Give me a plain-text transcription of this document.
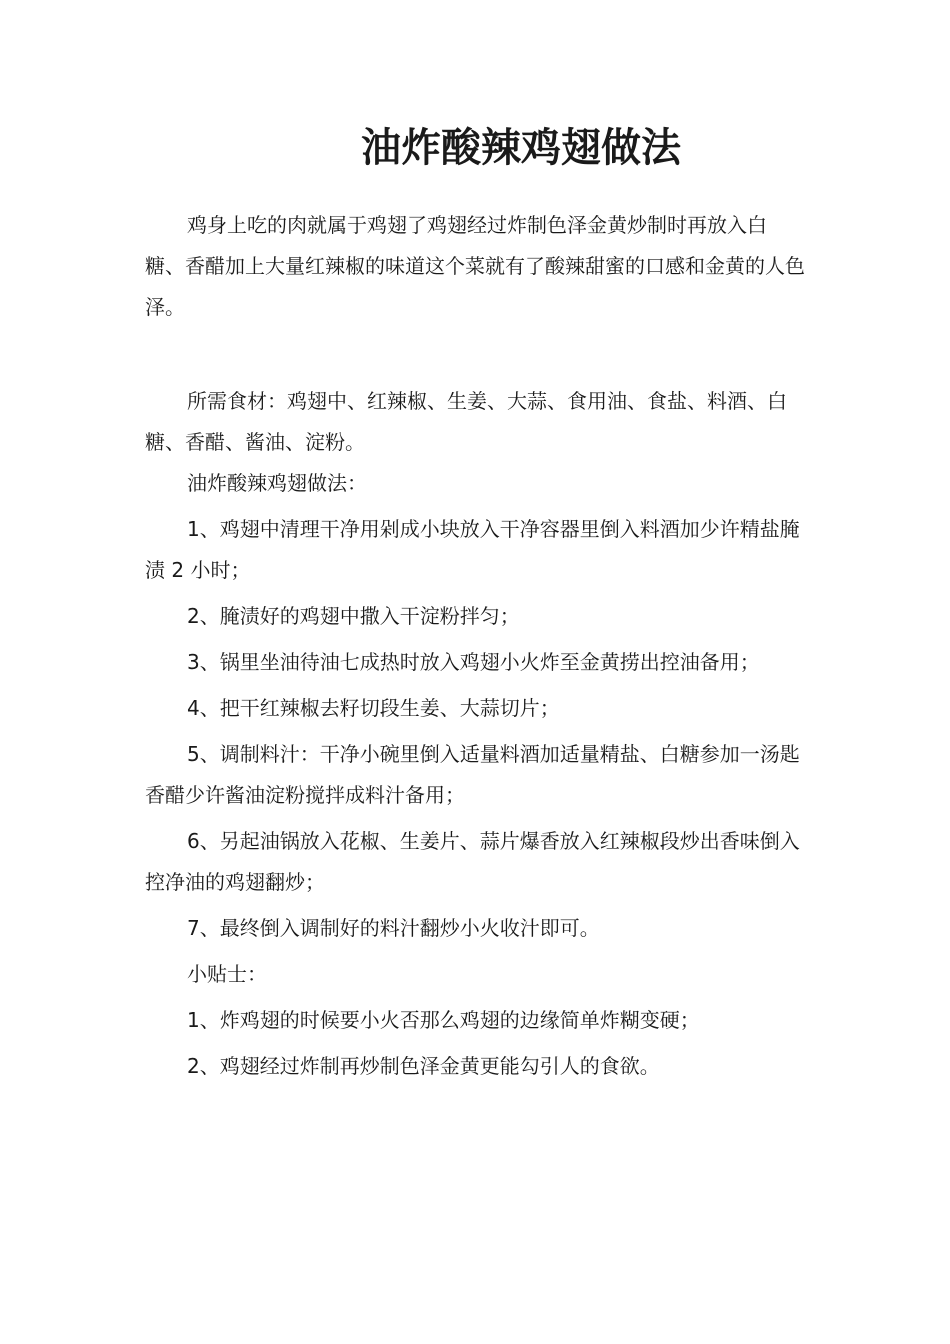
油炸酸辣鸡翅做法

鸡身上吃的肉就属于鸡翅了鸡翅经过炸制色泽金黄炒制时再放入白糖、香醋加上大量红辣椒的味道这个菜就有了酸辣甜蜜的口感和金黄的人色泽。

所需食材：鸡翅中、红辣椒、生姜、大蒜、食用油、食盐、料酒、白糖、香醋、酱油、淀粉。

油炸酸辣鸡翅做法：

1、鸡翅中清理干净用剁成小块放入干净容器里倒入料酒加少许精盐腌渍 2 小时；

2、腌渍好的鸡翅中撒入干淀粉拌匀；

3、锅里坐油待油七成热时放入鸡翅小火炸至金黄捞出控油备用；

4、把干红辣椒去籽切段生姜、大蒜切片；

5、调制料汁：干净小碗里倒入适量料酒加适量精盐、白糖参加一汤匙香醋少许酱油淀粉搅拌成料汁备用；

6、另起油锅放入花椒、生姜片、蒜片爆香放入红辣椒段炒出香味倒入控净油的鸡翅翻炒；

7、最终倒入调制好的料汁翻炒小火收汁即可。

小贴士：

1、炸鸡翅的时候要小火否那么鸡翅的边缘简单炸糊变硬；

2、鸡翅经过炸制再炒制色泽金黄更能勾引人的食欲。
